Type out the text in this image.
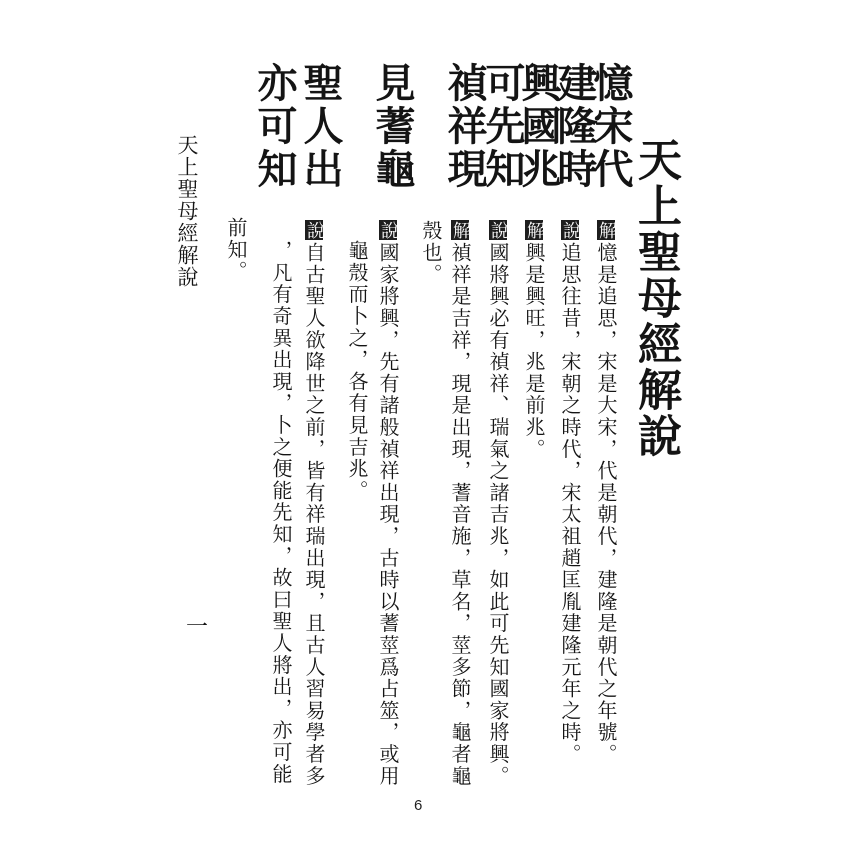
天上聖母經解說
憶宋代
解憶是追思，宋是大宋，代是朝代，建隆是朝代之年號。
建隆時
說追思往昔，宋朝之時代，宋太祖趙匡胤建隆元年之時。
興國兆
解興是興旺，兆是前兆。
可先知
說國將興必有禎祥、瑞氣之諸吉兆，如此可先知國家將興。
禎祥現
解禎祥是吉祥，現是出現，蓍音施，草名，莖多節，龜者龜
殼也。
見蓍龜
說國家將興，先有諸般禎祥出現，古時以蓍莖爲占筮，或用
龜殼而卜之，各有見吉兆。
聖人出
說自古聖人欲降世之前，皆有祥瑞出現，且古人習易學者多
，凡有奇異出現，卜之便能先知，故曰聖人將出，亦可能
前知。
亦可知
天上聖母經解說
一
6
